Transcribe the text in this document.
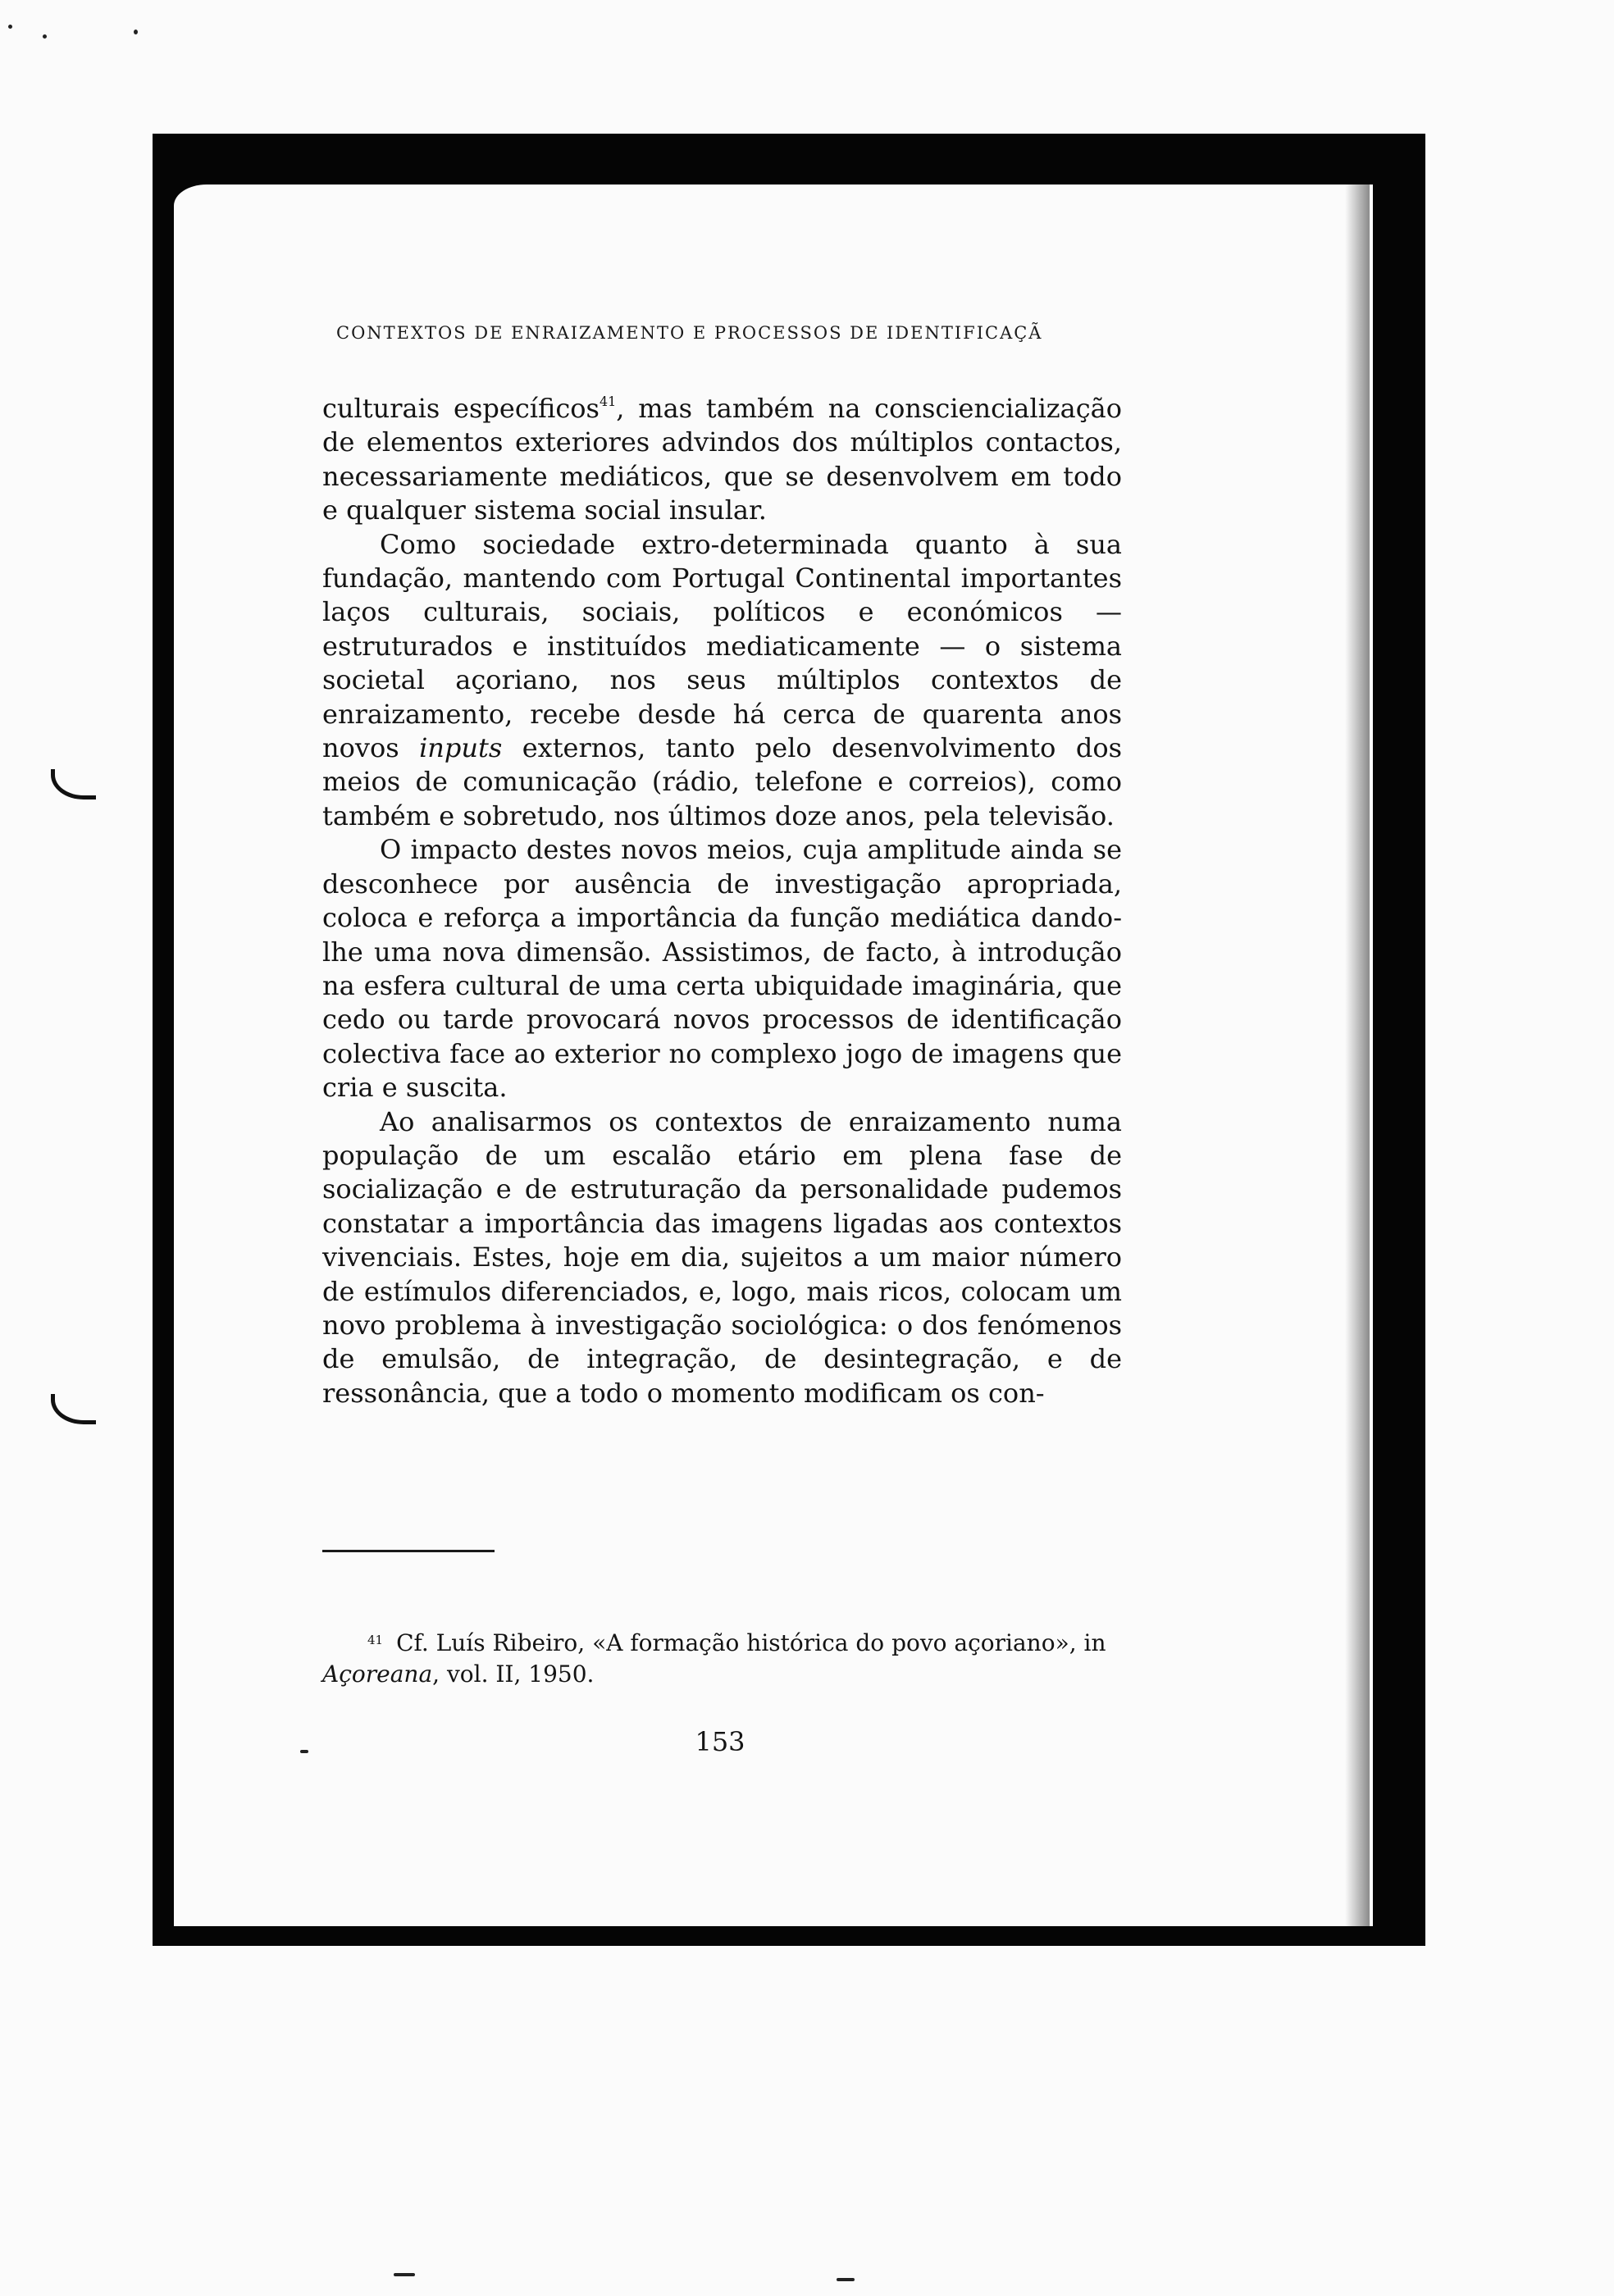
CONTEXTOS DE ENRAIZAMENTO E PROCESSOS DE IDENTIFICAÇÃ

culturais específicos$^{41}$, mas também na consciencialização de elementos exteriores advindos dos múltiplos contactos, necessariamente mediáticos, que se desenvolvem em todo e qualquer sistema social insular.

Como sociedade extro-determinada quanto à sua fundação, mantendo com Portugal Continental importantes laços culturais, sociais, políticos e económicos — estruturados e instituídos mediaticamente — o sistema societal açoriano, nos seus múltiplos contextos de enraizamento, recebe desde há cerca de quarenta anos novos inputs externos, tanto pelo desenvolvimento dos meios de comunicação (rádio, telefone e correios), como também e sobretudo, nos últimos doze anos, pela televisão.

O impacto destes novos meios, cuja amplitude ainda se desconhece por ausência de investigação apropriada, coloca e reforça a importância da função mediática dando-lhe uma nova dimensão. Assistimos, de facto, à introdução na esfera cultural de uma certa ubiquidade imaginária, que cedo ou tarde provocará novos processos de identificação colectiva face ao exterior no complexo jogo de imagens que cria e suscita.

Ao analisarmos os contextos de enraizamento numa população de um escalão etário em plena fase de socialização e de estruturação da personalidade pudemos constatar a importância das imagens ligadas aos contextos vivenciais. Estes, hoje em dia, sujeitos a um maior número de estímulos diferenciados, e, logo, mais ricos, colocam um novo problema à investigação sociológica: o dos fenómenos de emulsão, de integração, de desintegração, e de ressonância, que a todo o momento modificam os con-

$^{41}$ Cf. Luís Ribeiro, «A formação histórica do povo açoriano», in Açoreana, vol. II, 1950.
153
